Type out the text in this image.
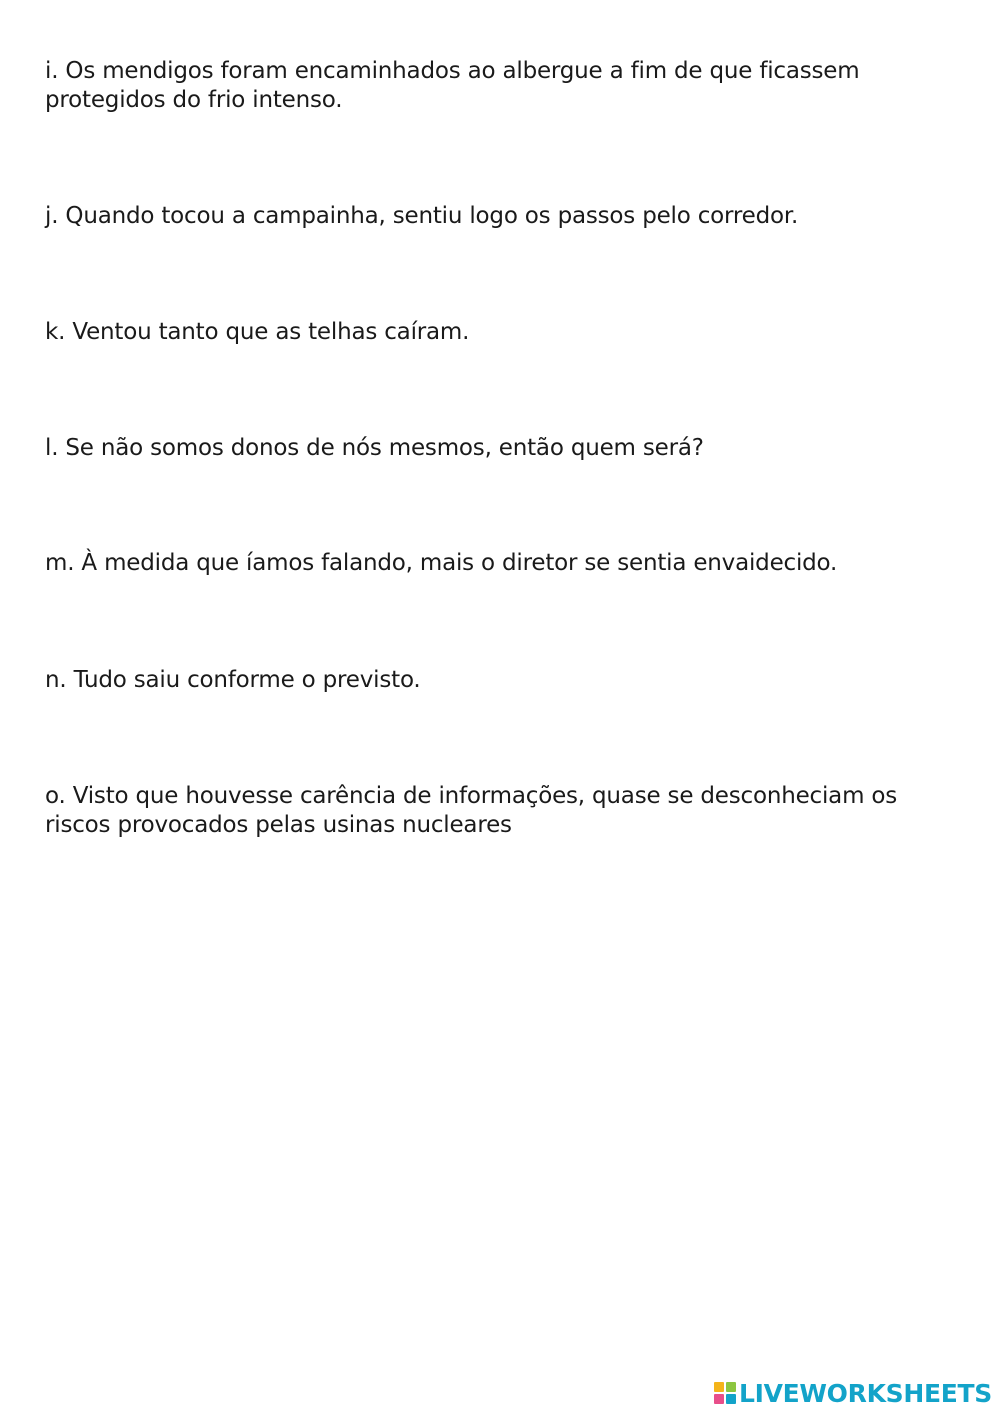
i. Os mendigos foram encaminhados ao albergue a fim de que ficassem protegidos do frio intenso.

j. Quando tocou a campainha, sentiu logo os passos pelo corredor.

k. Ventou tanto que as telhas caíram.

l. Se não somos donos de nós mesmos, então quem será?

m. À medida que íamos falando, mais o diretor se sentia envaidecido.

n. Tudo saiu conforme o previsto.

o. Visto que houvesse carência de informações, quase se desconheciam os riscos provocados pelas usinas nucleares

LIVEWORKSHEETS
